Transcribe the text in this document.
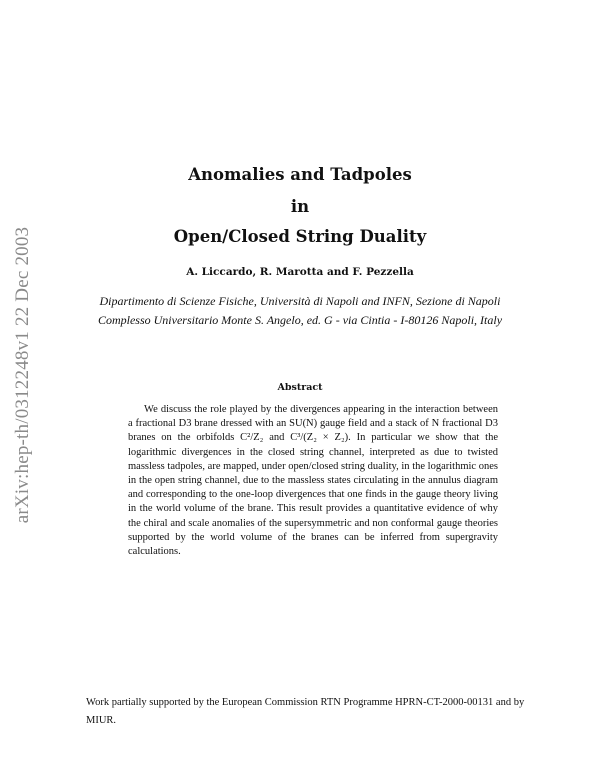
arXiv:hep-th/0312248v1 22 Dec 2003
Anomalies and Tadpoles
in
Open/Closed String Duality
A. Liccardo, R. Marotta and F. Pezzella
Dipartimento di Scienze Fisiche, Università di Napoli and INFN, Sezione di Napoli
Complesso Universitario Monte S. Angelo, ed. G - via Cintia - I-80126 Napoli, Italy
Abstract

We discuss the role played by the divergences appearing in the interaction between a fractional D3 brane dressed with an SU(N) gauge field and a stack of N fractional D3 branes on the orbifolds C²/Z₂ and C³/(Z₂ × Z₂). In particular we show that the logarithmic divergences in the closed string channel, interpreted as due to twisted massless tadpoles, are mapped, under open/closed string duality, in the logarithmic ones in the open string channel, due to the massless states circulating in the annulus diagram and corresponding to the one-loop divergences that one finds in the gauge theory living in the world volume of the brane. This result provides a quantitative evidence of why the chiral and scale anomalies of the supersymmetric and non conformal gauge theories supported by the world volume of the branes can be inferred from supergravity calculations.

Work partially supported by the European Commission RTN Programme HPRN-CT-2000-00131 and by MIUR.
